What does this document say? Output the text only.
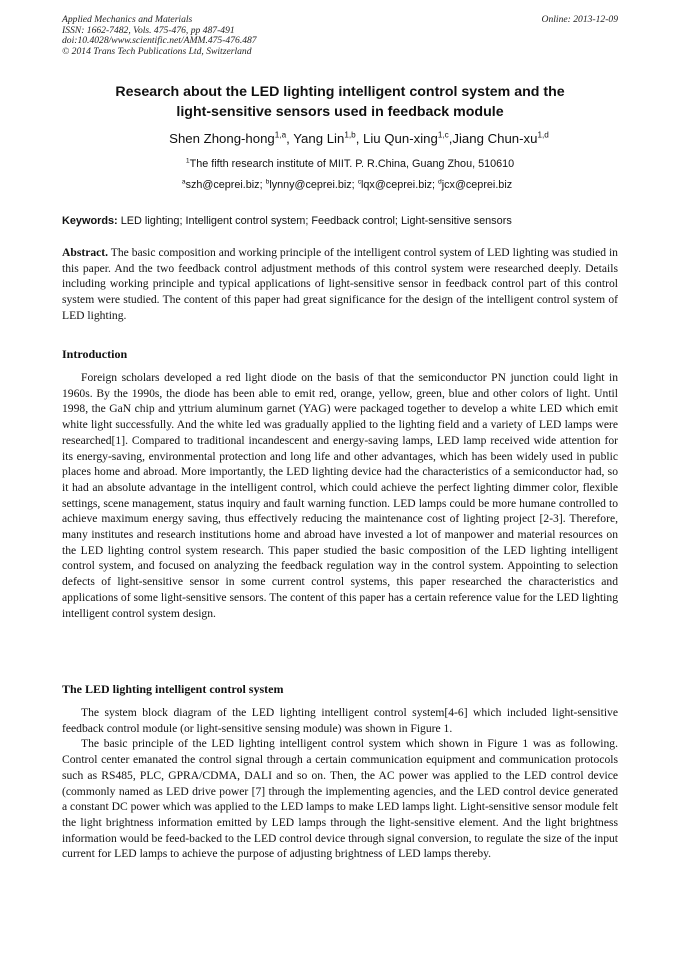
Applied Mechanics and Materials
ISSN: 1662-7482, Vols. 475-476, pp 487-491
doi:10.4028/www.scientific.net/AMM.475-476.487
© 2014 Trans Tech Publications Ltd, Switzerland
Online: 2013-12-09
Research about the LED lighting intelligent control system and the
light-sensitive sensors used in feedback module
Shen Zhong-hong$^{1,a}$, Yang Lin$^{1,b}$, Liu Qun-xing$^{1,c}$,Jiang Chun-xu$^{1,d}$
$^1$The fifth research institute of MIIT. P. R.China, Guang Zhou, 510610
$^a$szh@ceprei.biz; $^b$lynny@ceprei.biz; $^c$lqx@ceprei.biz; $^d$jcx@ceprei.biz
Keywords: LED lighting; Intelligent control system; Feedback control; Light-sensitive sensors
Abstract. The basic composition and working principle of the intelligent control system of LED lighting was studied in this paper. And the two feedback control adjustment methods of this control system were researched deeply. Details including working principle and typical applications of light-sensitive sensor in feedback control part of this control system were studied. The content of this paper had great significance for the design of the intelligent control system of LED lighting.
Introduction
Foreign scholars developed a red light diode on the basis of that the semiconductor PN junction could light in 1960s. By the 1990s, the diode has been able to emit red, orange, yellow, green, blue and other colors of light. Until 1998, the GaN chip and yttrium aluminum garnet (YAG) were packaged together to develop a white LED which emit white light successfully. And the white led was gradually applied to the lighting field and a variety of LED lamps were researched[1]. Compared to traditional incandescent and energy-saving lamps, LED lamp received wide attention for its energy-saving, environmental protection and long life and other advantages, which has been widely used in public places home and abroad. More importantly, the LED lighting device had the characteristics of a semiconductor had, so it had an absolute advantage in the intelligent control, which could achieve the perfect lighting dimmer color, flexible settings, scene management, status inquiry and fault warning function. LED lamps could be more humane controlled to achieve maximum energy saving, thus effectively reducing the maintenance cost of lighting project [2-3]. Therefore, many institutes and research institutions home and abroad have invested a lot of manpower and material resources on the LED lighting control system research. This paper studied the basic composition of the LED lighting intelligent control system, and focused on analyzing the feedback regulation way in the control system. Appointing to selection defects of light-sensitive sensor in some current control systems, this paper researched the characteristics and applications of some light-sensitive sensors. The content of this paper has a certain reference value for the LED lighting intelligent control system design.
The LED lighting intelligent control system

The system block diagram of the LED lighting intelligent control system[4-6] which included light-sensitive feedback control module (or light-sensitive sensing module) was shown in Figure 1.

The basic principle of the LED lighting intelligent control system which shown in Figure 1 was as following. Control center emanated the control signal through a certain communication equipment and communication protocols such as RS485, PLC, GPRA/CDMA, DALI and so on. Then, the AC power was applied to the LED control device (commonly named as LED drive power [7] through the implementing agencies, and the LED control device generated a constant DC power which was applied to the LED lamps to make LED lamps light. Light-sensitive sensor module felt the light brightness information emitted by LED lamps through the light-sensitive element. And the light brightness information would be feed-backed to the LED control device through signal conversion, to regulate the size of the input current for LED lamps to achieve the purpose of adjusting brightness of LED lamps thereby.
